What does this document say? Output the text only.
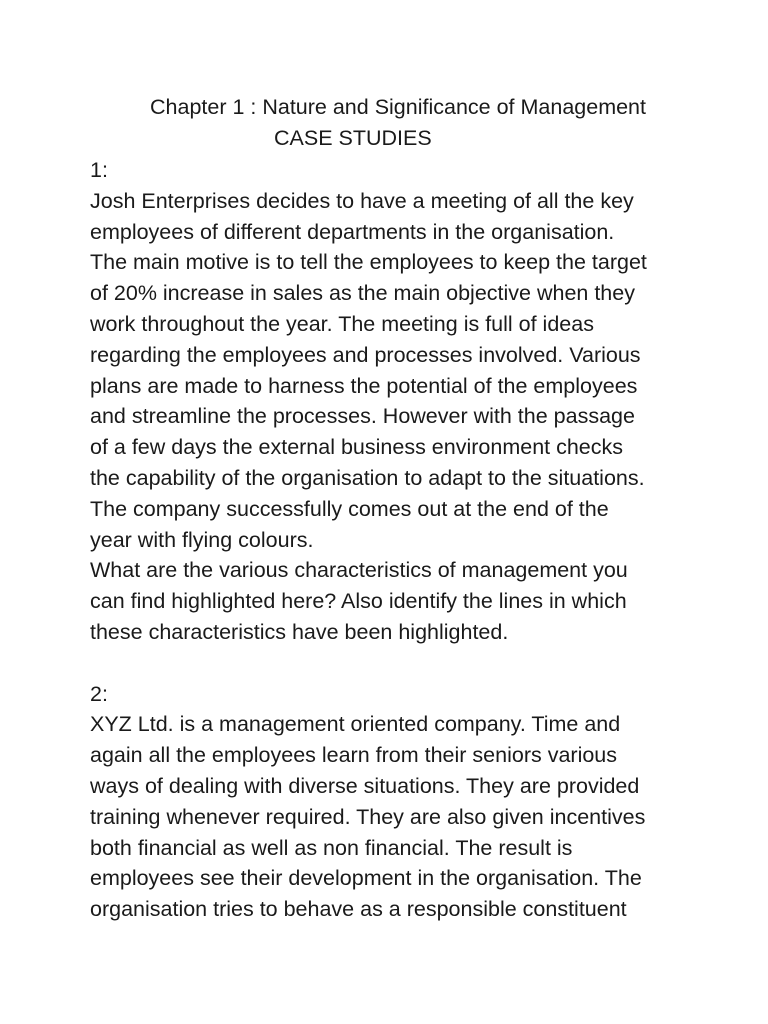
Chapter 1 : Nature and Significance of Management
CASE STUDIES
1:
Josh Enterprises decides to have a meeting of all the key
employees of different departments in the organisation.
The main motive is to tell the employees to keep the target
of 20% increase in sales as the main objective when they
work throughout the year. The meeting is full of ideas
regarding the employees and processes involved. Various
plans are made to harness the potential of the employees
and streamline the processes. However with the passage
of a few days the external business environment checks
the capability of the organisation to adapt to the situations.
The company successfully comes out at the end of the
year with flying colours.
What are the various characteristics of management you
can find highlighted here? Also identify the lines in which
these characteristics have been highlighted.
2:
XYZ Ltd. is a management oriented company. Time and
again all the employees learn from their seniors various
ways of dealing with diverse situations. They are provided
training whenever required. They are also given incentives
both financial as well as non financial. The result is
employees see their development in the organisation. The
organisation tries to behave as a responsible constituent
